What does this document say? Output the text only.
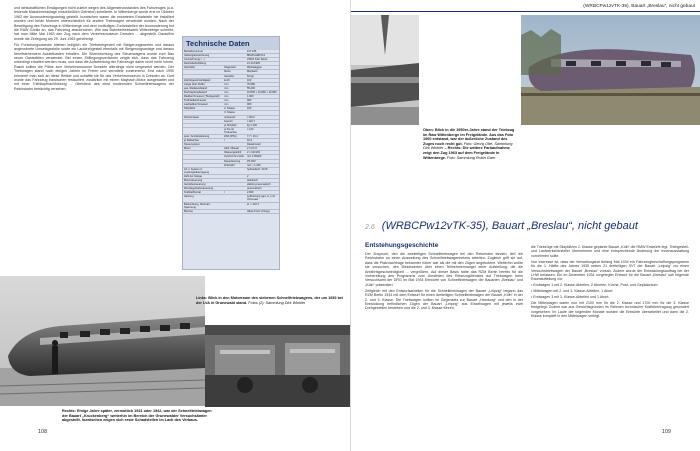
und wirtschaftlichen Erwägungen nicht zuletzt wegen des Allgemeinzustandes des Fahrzeuges (u.a. fehlende Maschinenanlage einschließlich Getriebe) scheiterte. In Wittenberge wurde erst im Oktober 1962 der Ausmusterungsantrag gestellt. Inzwischen waren die erwarteten Ersatzteile nie installiert worden und beide Motoren unterschiedlich für andere Triebwagen verwendet worden. Nach der Beseitigung des Fahrzeugs in Wittenberge und dem vorläufigen Zurückstellen der Ausmusterung bot die RAW Görlitz an, das Fahrzeug abzubrechen. Wie das Bahnbetriebswerk Wittenberge schreibt, hat man Mitte Mai 1963 den Zug nach dem Verkehrsmuseum Dresden ... abgestellt. Daraufhin wurde die Zerlegung am 29. Juni 1963 genehmigt.

Für Forschungszwecke blieben lediglich ein Triebdrehgestell mit Steigerungswerten und daraus angeordnete Umsetzgestelle sowie ein Laufdrehgestell ebenfalls mit Steigerungsanlage und daraus bereitstehendem Ausleitkasten erhalten. Die Sitzeinrichtung des Steuerwagens wurde zum Bau neuer Gaststätten verwendet. Bei einem Stilllegungsverfahren zeigte sich, dass das Fahrzeug unbedingt erhalten werden muss, und dass die Aufarbeitung der Fahrzeuge daher nicht mehr lohnte. Rasch sollten die Pläne zum Verkehrsmuseum Dresden allerdings nicht umgesetzt werden. Der Triebwagen stand nach einigen Jahren im Freien und verrottete zunehmend. Erst nach 1990 erinnerte man sich an diese Relikte und schaffte sie für das Verkehrsmuseum in Dresden an. Dort wurde das Fahrzeug inzwischen restauriert, zusätzlich mit einem Maybach-Motor ausgestattet und mit einer Triebkopfnachbildung ... Oberdeck des einst modernsten Schnelltriebwagens der Reichsbahn beträchtig versehen.

Technische Daten
Betriebsnummer		137 155
Gattungsbezeichnung		BPwPostiBr714
Umzeichnung (...)		23601 Köln Deutz
Reichsbahnbildung		21.10.1935
Hersteller	Wagenteil	Westwaggon
	Motor	Maybach
	Getriebe	Krupp
Höchstgeschwindigkeit	km/h	160
Länge über Puffer	mm	70.080
ges. Radstandstand	mm	55.400
Drehzapfenabstand	mm	16.800 + 16.800 + 16.800
Raddurchmesser (Triebgestell)	mm	1.000
Treibradlaufmesser	mm	900
Laufraddurchmesser	mm	900
Sitzplätze	2. Klasse	100
	3. Klasse	
Dienstmasse	unbesetzt	t 115,2
	besetzt	t 122,7
	je Sitzplatz	kg 1.192
	je Kw an Triebachse	t 1,64
spez. Antriebsleistung	kW/t (PS/t)	7,7 / 10,4
je Reibachse	t	16,3
Steuersystem		Dieselmotor
Motor	Zahl / Bauart	2 / GO 6
	Wassergekühlt	2 x 410 kW
	Zyl-Durchm./Hub	mm 170/200
	Dauerleistung	PS 600
	Drehzahl	min⁻¹ 1.400
Art u. System d. Leistungsübertragung		hydraulisch / NVK
Zahl der Gänge		2
Motorsteuerung		elektrisch
Getriebesteuerung		elektro-pneumatisch
Wendegetriebesteuerung		pneumatisch
Kraftstoffvorrat	l	2.000
Heizung		Luftheizung (gel. m.) mit Öl-Kessel
Beleuchtung, Stromart, Spannung		el. = 110 V
Bremse		Hikss-Knorr (Krupp)
Links: Blick in den Motorraum des siebenen Schnelltriebwagens, der um 1939 bei der LVA in Grunewald stand. Fotos (2): Sammlung Dirk Winkler
Rechts: Einige Jahre später, vermutlich 1941 oder 1942, war der Schnelltriebwagen der Bauart „Kruckenberg“ weiterhin im Bereich der Grunewalder Versuchsämter abgestellt. Inzwischen zeigen sich erste Schadstellen im Lack des Verbaus.
108
(WRBCPw12vTK-35), Bauart „Breslau“, nicht gebaut
Oben: Blick in die 1950er-Jahre stand der Triebzug im Raw Wittenberge im Freigelände. Aus das Foto 1960 entstand, war der äußerliche Zustand des Zuges noch recht gut. Foto: Georg Otte, Sammlung Dirk Winkler – Rechts: Die weitere Farbaufnahme zeigt den Zug 1963 auf dem Freigelände in Wittenberge. Foto: Sammlung Robin Garn
2.6 (WRBCPw12vTK-35), Bauart „Breslau“, nicht gebaut
Entstehungsgeschichte

Der Zuspruch, den die zweiteiligen Schnelltriebwagen bei den Reisenden fanden, ließ die Reichsbahn an einen Ausweitung des Schnelltriebwagennetzes arbeiten. Zugleich griff sie auf, dass die Platznachfrage bekannter höher war als die mit den Zügen angebotene. Weiterhin wollte sie versuchen, den Bleichwerten über einen Teilnehmermangel einer Aufstellung, die die Anfahrtsgeschwindigkeit ... vergrößern. Auf dieser Basis hatte das RZM Berlin bereits für die Vorbereitung des Programms zum Umstellen des Reisezugdienstes auf Triebwagen beim Versuchsamt der DRG im Mai 1934 Entwürfe von Schnelltriebwagen der Bauarten „Breslau“ und „Köln“ präsentiert.

Zeitgleich mit den Entwurfsarbeiten für die Schnelltriebwagen der Bauart „Leipzig“ begann das RZM Berlin 1934 mit dem Entwurf für einen dreiteiligen Schnelltriebwagen der Bauart „Köln“ in der 2. und 3. Klasse. Die Triebwagen sollten im Gegensatz zur Bauart „Hamburg“ und den in der Entwicklung befindlichen Zügen der Bauart „Leipzig“ aus Einzelwagen mit jeweils zwei Drehgestellen bestehen und die 2. und 3. Klasse führen.

die Triebzüge mit Sitzplätzen 2. Klasse geplante Bauart „Köln“ die RMW Entwürfe legt. Triebgestell- und Laufwerkshersteller übernehmen und eine entsprechende Änderung der Innenausstattung vornehmen sollte.

Von Interesse ist, dass der Verwaltungsrat Anfang Mai 1934 ein Fahrzeugbeschaffungsprogramm für die 1. Hälfte des Jahres 1935 neben 21 dreiteiligen SVT der Bauart „Leipzig“ zur einen Versuchstriebwagen der Bauart „Breslau“ vorsah. Zudem wurde der Entwicklungsauftrag bei der LHW belassen. Ein im Dezember 1934 vorgelegter Entwurf für die Bauart „Breslau“ sah folgende Raumaufteilung vor:

• Endwagen 1 mit 2. Klasse-Abteilen, 2 Aborten, Küche, Post- und Gepäckraum

• Mittelwagen mit 2. und 3. Klasse-Abteilen, 1 Abort

• Endwagen 3 mit 3. Klasse-Abteilen und 1 Abort.

Die Mittelwagen waren nun mit 2100 mm für die 2. Klasse und 1700 mm für die 3. Klasse festgelegt. Zudem war aus Gewichtsgründen im Rahmen technischer Kraftübertragung gesondert vorgesehen. Im Laufe der folgenden Monate wurden die Entwürfe überarbeitet und dann die 2. Klasse komplett in den Mittelwagen verlegt.

109
